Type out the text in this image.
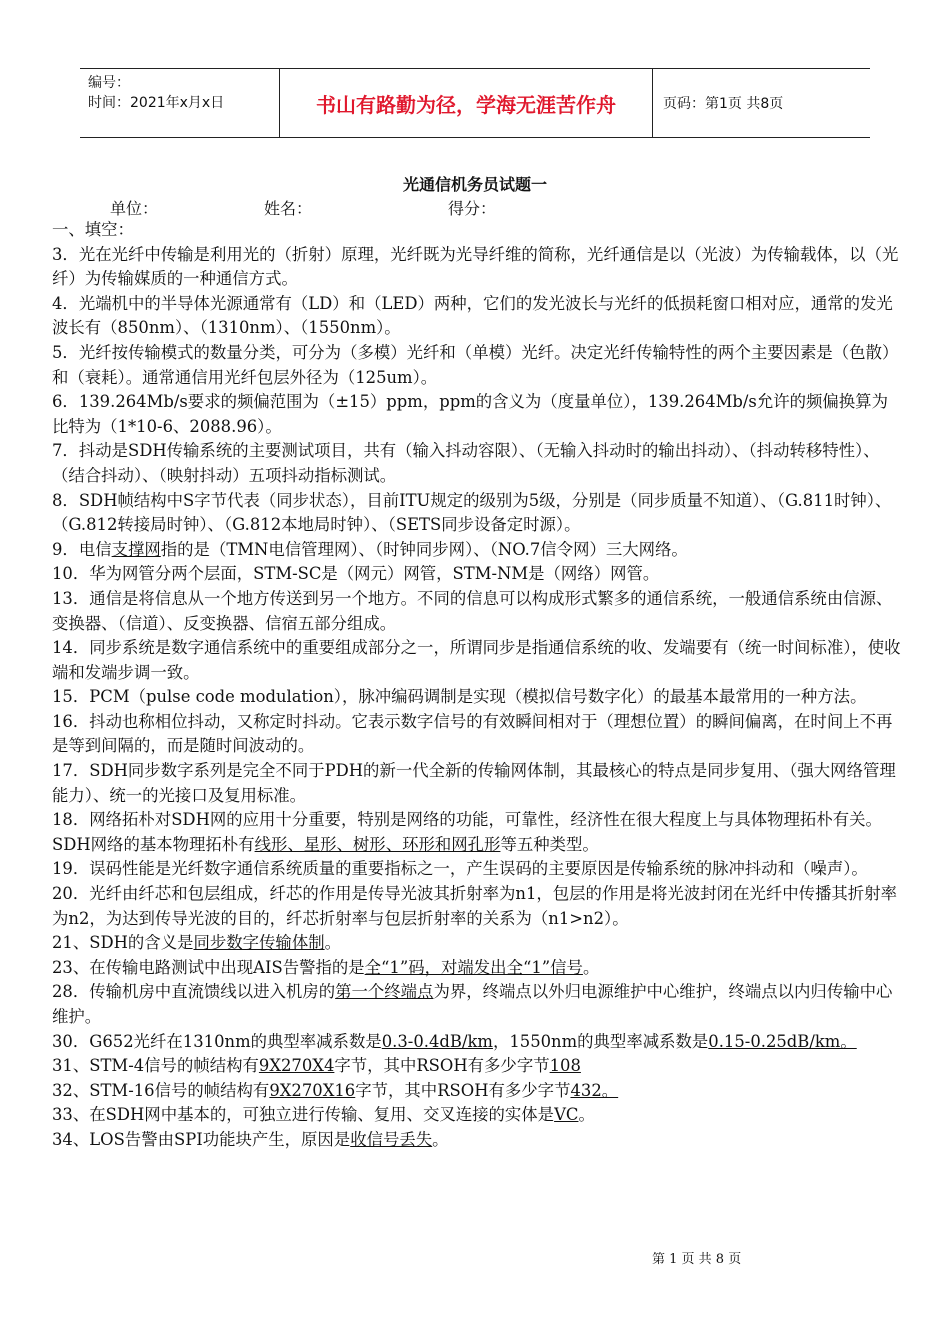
编号：
时间：2021年x月x日	书山有路勤为径，学海无涯苦作舟	页码：第1页 共8页
光通信机务员试题一
单位：	姓名：	得分：

一、填空：

3．光在光纤中传输是利用光的（折射）原理，光纤既为光导纤维的简称，光纤通信是以（光波）为传输载体，以（光纤）为传输媒质的一种通信方式。

4．光端机中的半导体光源通常有（LD）和（LED）两种，它们的发光波长与光纤的低损耗窗口相对应，通常的发光波长有（850nm）、（1310nm）、（1550nm）。

5．光纤按传输模式的数量分类，可分为（多模）光纤和（单模）光纤。决定光纤传输特性的两个主要因素是（色散）和（衰耗）。通常通信用光纤包层外径为（125um）。

6．139.264Mb/s要求的频偏范围为（±15）ppm，ppm的含义为（度量单位），139.264Mb/s允许的频偏换算为比特为（1*10-6、2088.96）。

7．抖动是SDH传输系统的主要测试项目，共有（输入抖动容限）、（无输入抖动时的输出抖动）、（抖动转移特性）、（结合抖动）、（映射抖动）五项抖动指标测试。

8．SDH帧结构中S字节代表（同步状态），目前ITU规定的级别为5级，分别是（同步质量不知道）、（G.811时钟）、（G.812转接局时钟）、（G.812本地局时钟）、（SETS同步设备定时源）。

9．电信支撑网指的是（TMN电信管理网）、（时钟同步网）、（NO.7信令网）三大网络。

10．华为网管分两个层面，STM-SC是（网元）网管，STM-NM是（网络）网管。

13．通信是将信息从一个地方传送到另一个地方。不同的信息可以构成形式繁多的通信系统，一般通信系统由信源、变换器、（信道）、反变换器、信宿五部分组成。

14．同步系统是数字通信系统中的重要组成部分之一，所谓同步是指通信系统的收、发端要有（统一时间标准），使收端和发端步调一致。

15．PCM（pulse code modulation），脉冲编码调制是实现（模拟信号数字化）的最基本最常用的一种方法。

16．抖动也称相位抖动，又称定时抖动。它表示数字信号的有效瞬间相对于（理想位置）的瞬间偏离，在时间上不再是等到间隔的，而是随时间波动的。

17．SDH同步数字系列是完全不同于PDH的新一代全新的传输网体制，其最核心的特点是同步复用、（强大网络管理能力）、统一的光接口及复用标准。

18．网络拓朴对SDH网的应用十分重要，特别是网络的功能，可靠性，经济性在很大程度上与具体物理拓朴有关。SDH网络的基本物理拓朴有线形、星形、树形、环形和网孔形等五种类型。

19．误码性能是光纤数字通信系统质量的重要指标之一，产生误码的主要原因是传输系统的脉冲抖动和（噪声）。

20．光纤由纤芯和包层组成，纤芯的作用是传导光波其折射率为n1，包层的作用是将光波封闭在光纤中传播其折射率为n2，为达到传导光波的目的，纤芯折射率与包层折射率的关系为（n1>n2）。

21、SDH的含义是同步数字传输体制。

23、在传输电路测试中出现AIS告警指的是全“1”码，对端发出全“1”信号。

28．传输机房中直流馈线以进入机房的第一个终端点为界，终端点以外归电源维护中心维护，终端点以内归传输中心维护。

30．G652光纤在1310nm的典型率减系数是0.3-0.4dB/km，1550nm的典型率减系数是0.15-0.25dB/km。

31、STM-4信号的帧结构有9X270X4字节，其中RSOH有多少字节108

32、STM-16信号的帧结构有9X270X16字节，其中RSOH有多少字节432。

33、在SDH网中基本的，可独立进行传输、复用、交叉连接的实体是VC。

34、LOS告警由SPI功能块产生，原因是收信号丢失。

第 1 页 共 8 页
